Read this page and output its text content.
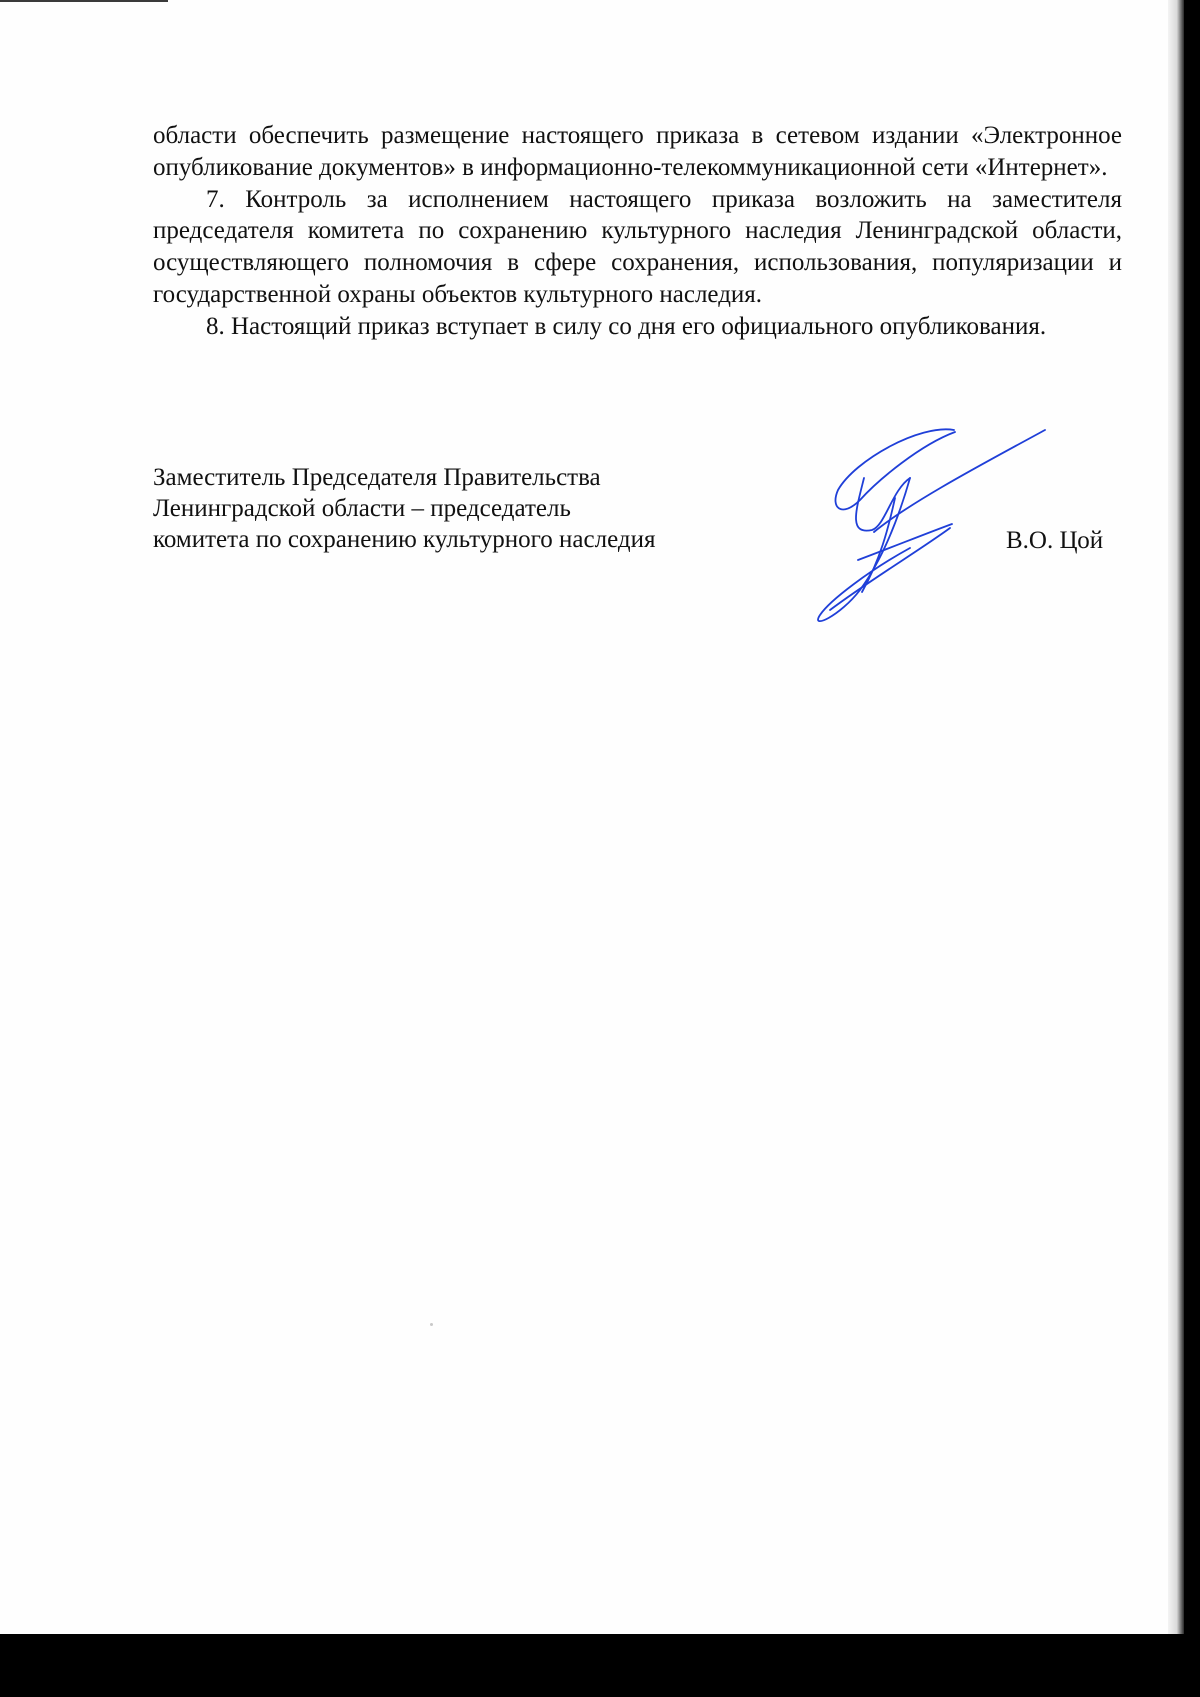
области обеспечить размещение настоящего приказа в сетевом издании «Электронное опубликование документов» в информационно-телекоммуникационной сети «Интернет».

7. Контроль за исполнением настоящего приказа возложить на заместителя председателя комитета по сохранению культурного наследия Ленинградской области, осуществляющего полномочия в сфере сохранения, использования, популяризации и государственной охраны объектов культурного наследия.

8. Настоящий приказ вступает в силу со дня его официального опубликования.

Заместитель Председателя Правительства
Ленинградской области – председатель
комитета по сохранению культурного наследия	В.О. Цой
